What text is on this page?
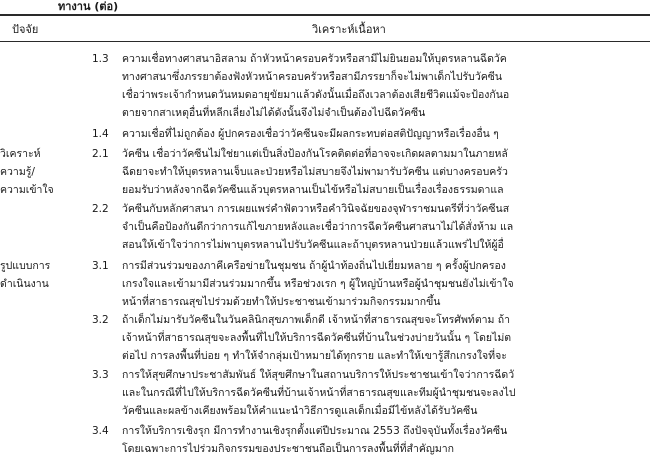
ทางาน (ต่อ)
ปัจจัย	วิเคราะห์เนื้อหา
วิเคราะห์
ความรู้/
ความเข้าใจ
รูปแบบการ
ดำเนินงาน
1.3 ความเชื่อทางศาสนาอิสลาม ถ้าหัวหน้าครอบครัวหรือสามีไม่ยินยอมให้บุตรหลานฉีดวัค
ทางศาสนาซึ่งภรรยาต้องฟังหัวหน้าครอบครัวหรือสามีภรรยาก็จะไม่พาเด็กไปรับวัคซีน
เชื่อว่าพระเจ้ากำหนดวันหมดอายุขัยมาแล้วดังนั้นเมื่อถึงเวลาต้องเสียชีวิตแม้จะป้องกันอ
ตายจากสาเหตุอื่นที่หลีกเลี่ยงไม่ได้ดังนั้นจึงไม่จำเป็นต้องไปฉีดวัคซีน
1.4 ความเชื่อที่ไม่ถูกต้อง ผู้ปกครองเชื่อว่าวัคซีนจะมีผลกระทบต่อสติปัญญาหรือเรื่องอื่น ๆ
2.1 วัคซีน เชื่อว่าวัคซีนไม่ใช่ยาแต่เป็นสิ่งป้องกันโรคติดต่อที่อาจจะเกิดผลตามมาในภายหลั
ฉีดยาจะทำให้บุตรหลานเจ็บและป่วยหรือไม่สบายจึงไม่พามารับวัคซีน แต่บางครอบครัว
ยอมรับว่าหลังจากฉีดวัคซีนแล้วบุตรหลานเป็นไข้หรือไม่สบายเป็นเรื่องเรื่องธรรมดาแล
2.2 วัคซีนกับหลักศาสนา การเผยแพร่คำฟัตวาหรือคำวินิจฉัยของจุฬาราชมนตรีที่ว่าวัคซีนส
จำเป็นคือป้องกันดีกว่าการแก้ไขภายหลังและเชื่อว่าการฉีดวัคซีนศาสนาไม่ได้สั่งห้าม แล
สอนให้เข้าใจว่าการไม่พาบุตรหลานไปรับวัคซีนและถ้าบุตรหลานป่วยแล้วแพร่ไปให้ผู้อื่
3.1 การมีส่วนร่วมของภาคีเครือข่ายในชุมชน ถ้าผู้นำท้องถิ่นไปเยี่ยมหลาย ๆ ครั้งผู้ปกครอง
เกรงใจและเข้ามามีส่วนร่วมมากขึ้น หรือช่วงเรก ๆ ผู้ใหญ่บ้านหรือผู้นำชุมชนยังไม่เข้าใจ
หน้าที่สาธารณสุขไปร่วมด้วยทำให้ประชาชนเข้ามาร่วมกิจกรรมมากขึ้น
3.2 ถ้าเด็กไม่มารับวัคซีนในวันคลินิกสุขภาพเด็กดี เจ้าหน้าที่สาธารณสุขจะโทรศัพท์ตาม ถ้า
เจ้าหน้าที่สาธารณสุขจะลงพื้นที่ไปให้บริการฉีดวัคซีนที่บ้านในช่วงบ่ายวันนั้น ๆ โดยไม่ต
ต่อไป การลงพื้นที่บ่อย ๆ ทำให้จำกลุ่มเป้าหมายได้ทุกราย และทำให้เขารู้สึกเกรงใจที่จะ
3.3 การให้สุขศึกษาประชาสัมพันธ์ ให้สุขศึกษาในสถานบริการให้ประชาชนเข้าใจว่าการฉีดวั
และในกรณีที่ไปให้บริการฉีดวัคซีนที่บ้านเจ้าหน้าที่สาธารณสุขและทีมผู้นำชุมชนจะลงไป
วัคซีนและผลข้างเคียงพร้อมให้คำแนะนำวิธีการดูแลเด็กเมื่อมีไข้หลังได้รับวัคซีน
3.4 การให้บริการเชิงรุก มีการทำงานเชิงรุกตั้งแต่ปีประมาณ 2553 ถึงปัจจุบันทั้งเรื่องวัคซีน
โดยเฉพาะการไปร่วมกิจกรรมของประชาชนถือเป็นการลงพื้นที่ที่สำคัญมาก
